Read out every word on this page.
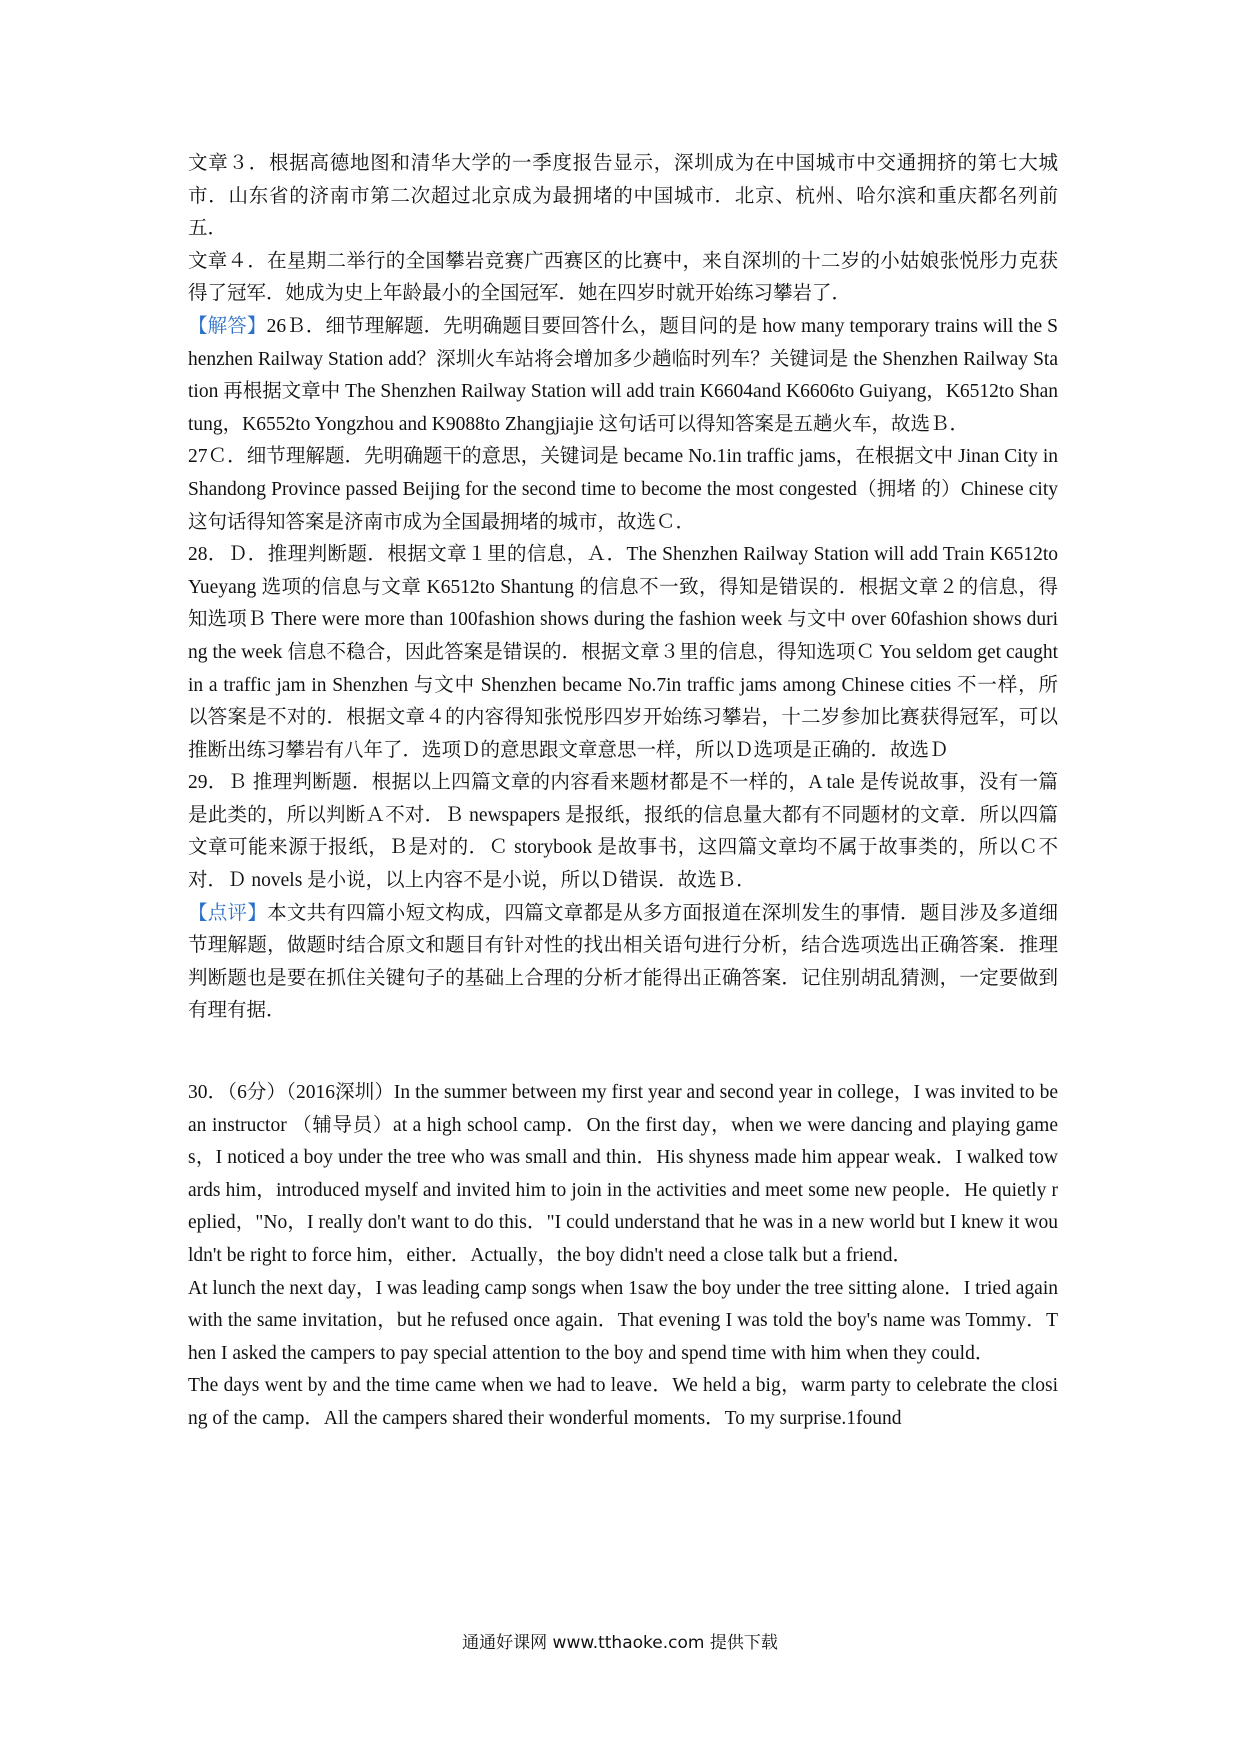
文章３．根据高德地图和清华大学的一季度报告显示，深圳成为在中国城市中交通拥挤的第七大城市．山东省的济南市第二次超过北京成为最拥堵的中国城市．北京、杭州、哈尔滨和重庆都名列前五．

文章４．在星期二举行的全国攀岩竞赛广西赛区的比赛中，来自深圳的十二岁的小姑娘张悦彤力克获得了冠军．她成为史上年龄最小的全国冠军．她在四岁时就开始练习攀岩了．

【解答】26Ｂ．细节理解题．先明确题目要回答什么，题目问的是 how many temporary trains will the Shenzhen Railway Station add？深圳火车站将会增加多少趟临时列车？关键词是 the Shenzhen Railway Station 再根据文章中 The Shenzhen Railway Station will add train K6604and K6606to Guiyang，K6512to Shantung，K6552to Yongzhou and K9088to Zhangjiajie 这句话可以得知答案是五趟火车，故选Ｂ．

27Ｃ．细节理解题．先明确题干的意思，关键词是 became No.1in traffic jams，在根据文中 Jinan City in Shandong Province passed Beijing for the second time to become the most congested（拥堵 的）Chinese city 这句话得知答案是济南市成为全国最拥堵的城市，故选Ｃ．

28．Ｄ．推理判断题．根据文章１里的信息，Ａ．The Shenzhen Railway Station will add Train K6512to Yueyang 选项的信息与文章 K6512to Shantung 的信息不一致，得知是错误的．根据文章２的信息，得知选项Ｂ There were more than 100fashion shows during the fashion week 与文中 over 60fashion shows during the week 信息不稳合，因此答案是错误的．根据文章３里的信息，得知选项Ｃ You seldom get caught in a traffic jam in Shenzhen 与文中 Shenzhen became No.7in traffic jams among Chinese cities 不一样，所以答案是不对的．根据文章４的内容得知张悦彤四岁开始练习攀岩，十二岁参加比赛获得冠军，可以推断出练习攀岩有八年了．选项Ｄ的意思跟文章意思一样，所以Ｄ选项是正确的．故选Ｄ

29．Ｂ 推理判断题．根据以上四篇文章的内容看来题材都是不一样的，A tale 是传说故事，没有一篇是此类的，所以判断Ａ不对．Ｂ newspapers 是报纸，报纸的信息量大都有不同题材的文章．所以四篇文章可能来源于报纸，Ｂ是对的．Ｃ storybook 是故事书，这四篇文章均不属于故事类的，所以Ｃ不对．Ｄ novels 是小说，以上内容不是小说，所以Ｄ错误．故选Ｂ．

【点评】本文共有四篇小短文构成，四篇文章都是从多方面报道在深圳发生的事情．题目涉及多道细节理解题，做题时结合原文和题目有针对性的找出相关语句进行分析，结合选项选出正确答案．推理判断题也是要在抓住关键句子的基础上合理的分析才能得出正确答案．记住别胡乱猜测，一定要做到有理有据．

30．（6分）（2016深圳）In the summer between my first year and second year in college，I was invited to be an instructor （辅导员）at a high school camp．On the first day，when we were dancing and playing games，I noticed a boy under the tree who was small and thin．His shyness made him appear weak．I walked towards him，introduced myself and invited him to join in the activities and meet some new people．He quietly replied，"No，I really don't want to do this．"I could understand that he was in a new world but I knew it wouldn't be right to force him，either．Actually，the boy didn't need a close talk but a friend．

At lunch the next day，I was leading camp songs when 1saw the boy under the tree sitting alone．I tried again with the same invitation，but he refused once again．That evening I was told the boy's name was Tommy．Then I asked the campers to pay special attention to the boy and spend time with him when they could．

The days went by and the time came when we had to leave．We held a big，warm party to celebrate the closing of the camp．All the campers shared their wonderful moments．To my surprise.1found

通通好课网 www.tthaoke.com 提供下载
